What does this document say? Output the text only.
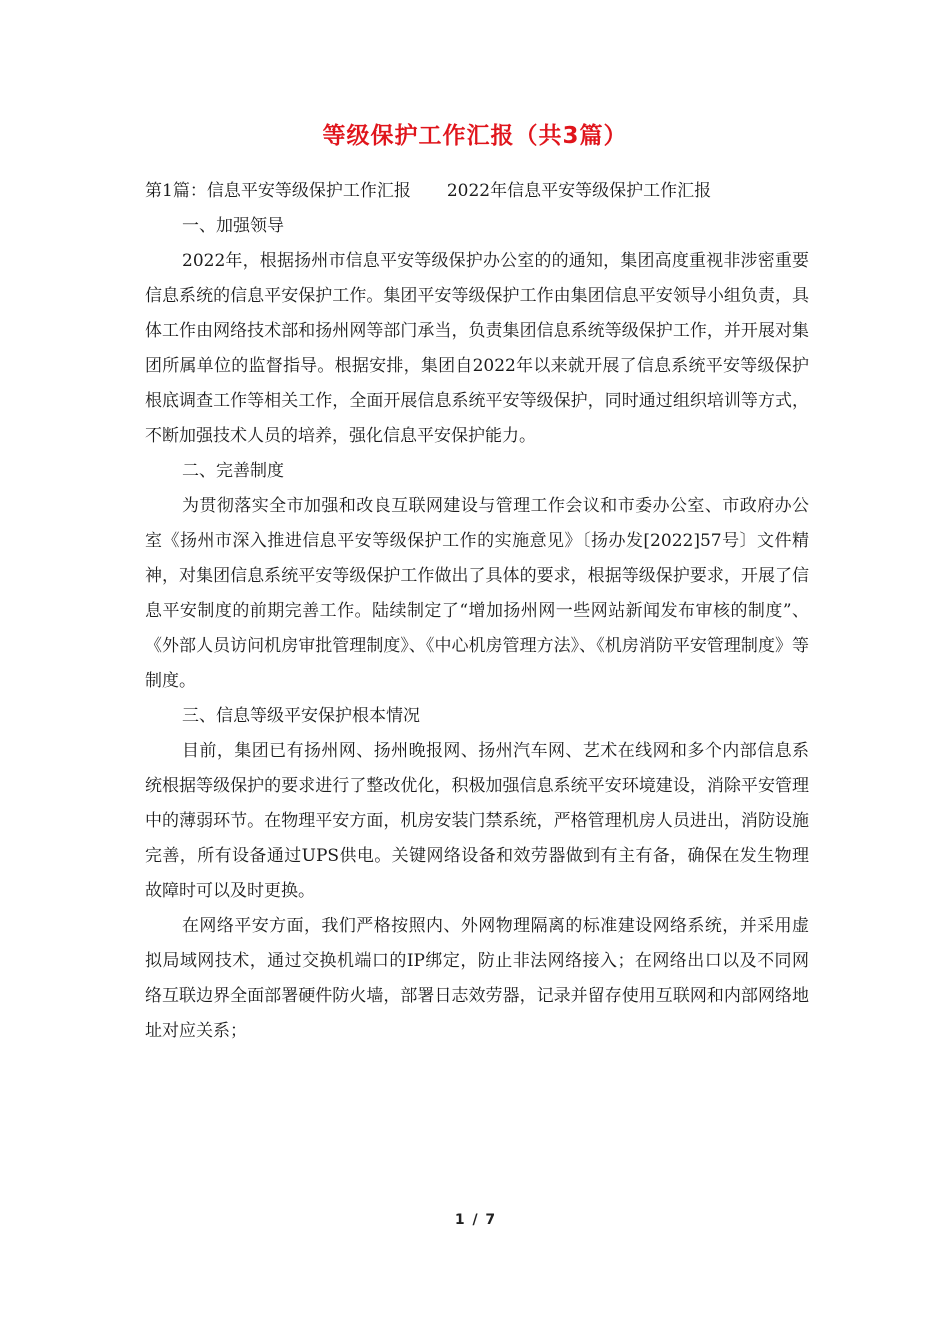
等级保护工作汇报（共3篇）

第1篇：信息平安等级保护工作汇报 2022年信息平安等级保护工作汇报

一、加强领导

2022年，根据扬州市信息平安等级保护办公室的的通知，集团高度重视非涉密重要信息系统的信息平安保护工作。集团平安等级保护工作由集团信息平安领导小组负责，具体工作由网络技术部和扬州网等部门承当，负责集团信息系统等级保护工作，并开展对集团所属单位的监督指导。根据安排，集团自2022年以来就开展了信息系统平安等级保护根底调查工作等相关工作，全面开展信息系统平安等级保护，同时通过组织培训等方式，不断加强技术人员的培养，强化信息平安保护能力。

二、完善制度

为贯彻落实全市加强和改良互联网建设与管理工作会议和市委办公室、市政府办公室《扬州市深入推进信息平安等级保护工作的实施意见》〔扬办发[2022]57号〕文件精神，对集团信息系统平安等级保护工作做出了具体的要求，根据等级保护要求，开展了信息平安制度的前期完善工作。陆续制定了“增加扬州网一些网站新闻发布审核的制度”、《外部人员访问机房审批管理制度》、《中心机房管理方法》、《机房消防平安管理制度》等制度。

三、信息等级平安保护根本情况

目前，集团已有扬州网、扬州晚报网、扬州汽车网、艺术在线网和多个内部信息系统根据等级保护的要求进行了整改优化，积极加强信息系统平安环境建设，消除平安管理中的薄弱环节。在物理平安方面，机房安装门禁系统，严格管理机房人员进出，消防设施完善，所有设备通过UPS供电。关键网络设备和效劳器做到有主有备，确保在发生物理故障时可以及时更换。

在网络平安方面，我们严格按照内、外网物理隔离的标准建设网络系统，并采用虚拟局域网技术，通过交换机端口的IP绑定，防止非法网络接入；在网络出口以及不同网络互联边界全面部署硬件防火墙，部署日志效劳器，记录并留存使用互联网和内部网络地址对应关系；

1 / 7
